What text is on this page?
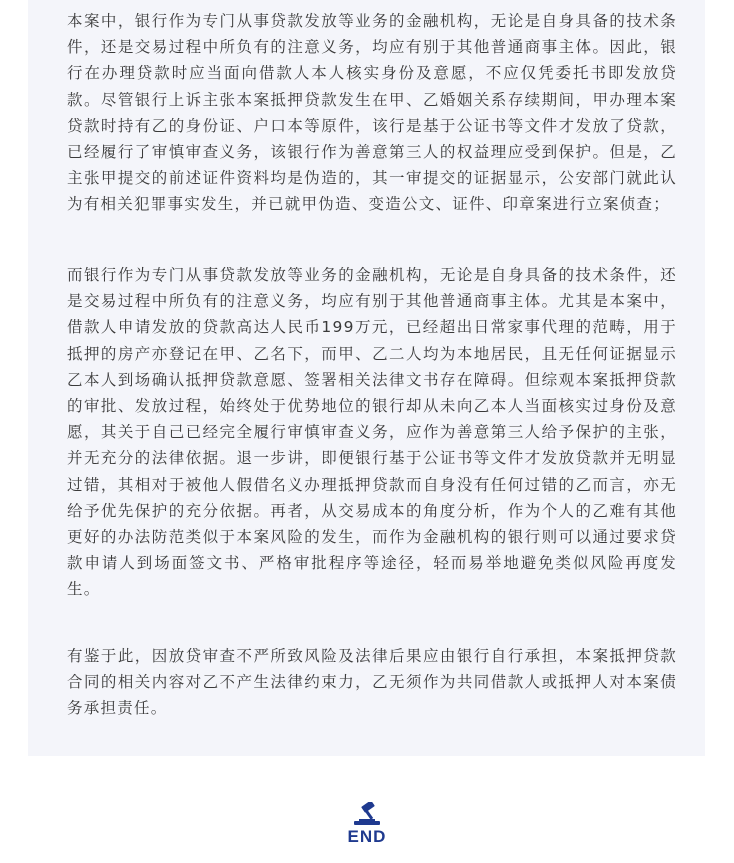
本案中，银行作为专门从事贷款发放等业务的金融机构，无论是自身具备的技术条件，还是交易过程中所负有的注意义务，均应有别于其他普通商事主体。因此，银行在办理贷款时应当面向借款人本人核实身份及意愿，不应仅凭委托书即发放贷款。尽管银行上诉主张本案抵押贷款发生在甲、乙婚姻关系存续期间，甲办理本案贷款时持有乙的身份证、户口本等原件，该行是基于公证书等文件才发放了贷款，已经履行了审慎审查义务，该银行作为善意第三人的权益理应受到保护。但是，乙主张甲提交的前述证件资料均是伪造的，其一审提交的证据显示，公安部门就此认为有相关犯罪事实发生，并已就甲伪造、变造公文、证件、印章案进行立案侦查；

而银行作为专门从事贷款发放等业务的金融机构，无论是自身具备的技术条件，还是交易过程中所负有的注意义务，均应有别于其他普通商事主体。尤其是本案中，借款人申请发放的贷款高达人民币199万元，已经超出日常家事代理的范畴，用于抵押的房产亦登记在甲、乙名下，而甲、乙二人均为本地居民，且无任何证据显示乙本人到场确认抵押贷款意愿、签署相关法律文书存在障碍。但综观本案抵押贷款的审批、发放过程，始终处于优势地位的银行却从未向乙本人当面核实过身份及意愿，其关于自己已经完全履行审慎审查义务，应作为善意第三人给予保护的主张，并无充分的法律依据。退一步讲，即便银行基于公证书等文件才发放贷款并无明显过错，其相对于被他人假借名义办理抵押贷款而自身没有任何过错的乙而言，亦无给予优先保护的充分依据。再者，从交易成本的角度分析，作为个人的乙难有其他更好的办法防范类似于本案风险的发生，而作为金融机构的银行则可以通过要求贷款申请人到场面签文书、严格审批程序等途径，轻而易举地避免类似风险再度发生。

有鉴于此，因放贷审查不严所致风险及法律后果应由银行自行承担，本案抵押贷款合同的相关内容对乙不产生法律约束力，乙无须作为共同借款人或抵押人对本案债务承担责任。

END
